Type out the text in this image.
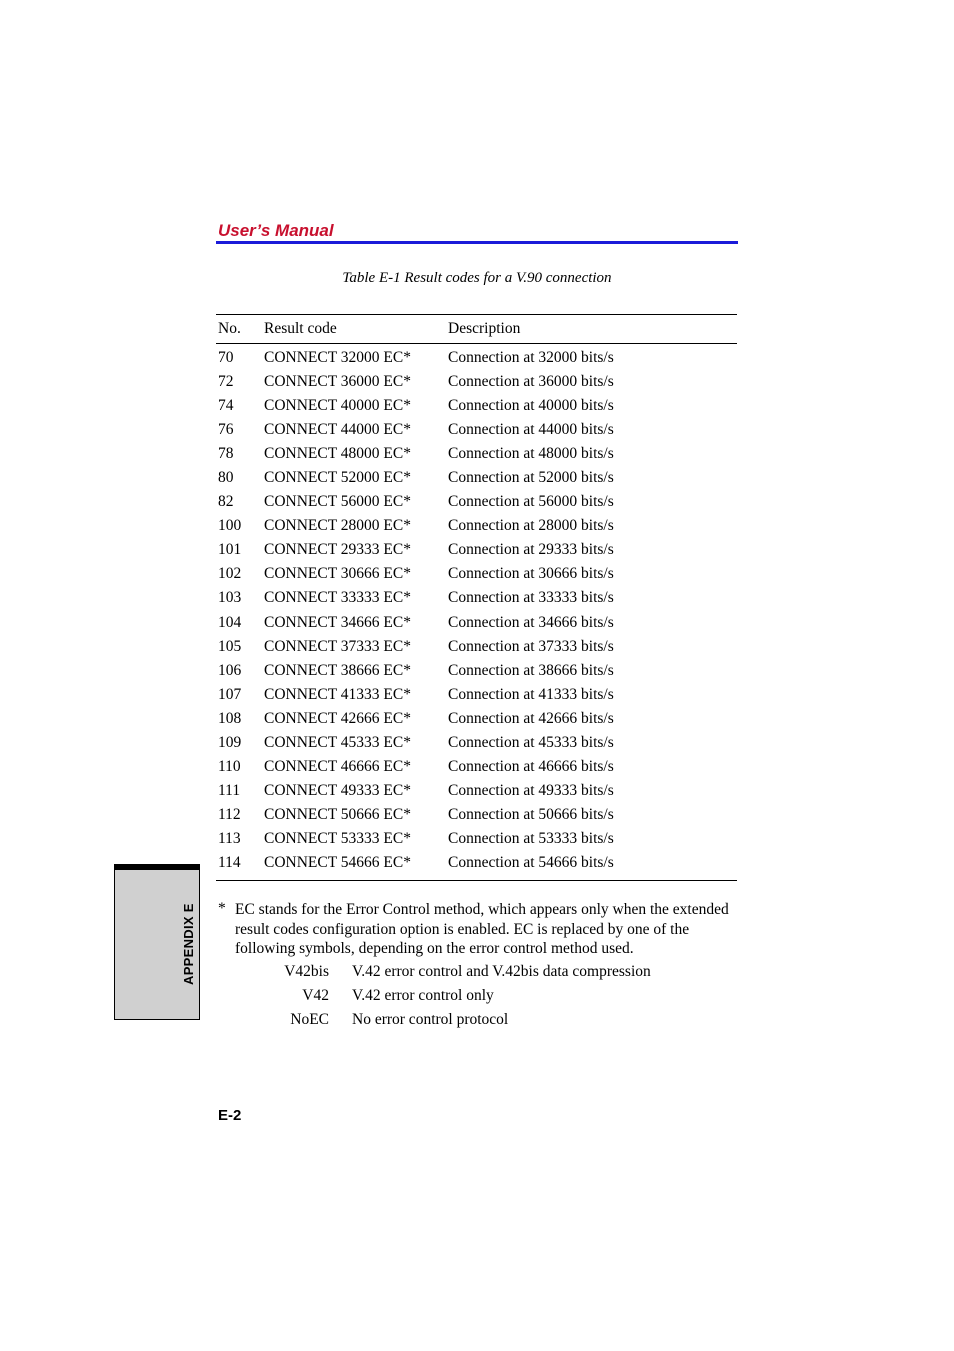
User’s Manual
Table E-1 Result codes for a V.90 connection
No. Result code	Description
70 CONNECT 32000 EC* Connection at 32000 bits/s
72 CONNECT 36000 EC* Connection at 36000 bits/s
74 CONNECT 40000 EC* Connection at 40000 bits/s
76 CONNECT 44000 EC* Connection at 44000 bits/s
78 CONNECT 48000 EC* Connection at 48000 bits/s
80 CONNECT 52000 EC* Connection at 52000 bits/s
82 CONNECT 56000 EC* Connection at 56000 bits/s
100 CONNECT 28000 EC* Connection at 28000 bits/s
101 CONNECT 29333 EC* Connection at 29333 bits/s
102 CONNECT 30666 EC* Connection at 30666 bits/s
103 CONNECT 33333 EC* Connection at 33333 bits/s
104 CONNECT 34666 EC* Connection at 34666 bits/s
105 CONNECT 37333 EC* Connection at 37333 bits/s
106 CONNECT 38666 EC* Connection at 38666 bits/s
107 CONNECT 41333 EC* Connection at 41333 bits/s
108 CONNECT 42666 EC* Connection at 42666 bits/s
109 CONNECT 45333 EC* Connection at 45333 bits/s
110 CONNECT 46666 EC* Connection at 46666 bits/s
111 CONNECT 49333 EC* Connection at 49333 bits/s
112 CONNECT 50666 EC* Connection at 50666 bits/s
113 CONNECT 53333 EC* Connection at 53333 bits/s
114 CONNECT 54666 EC* Connection at 54666 bits/s
* EC stands for the Error Control method, which appears only when the extended result codes configuration option is enabled. EC is replaced by one of the following symbols, depending on the error control method used.
V42bis V.42 error control and V.42bis data compression
V42 V.42 error control only
NoEC No error control protocol
APPENDIX E
E-2
